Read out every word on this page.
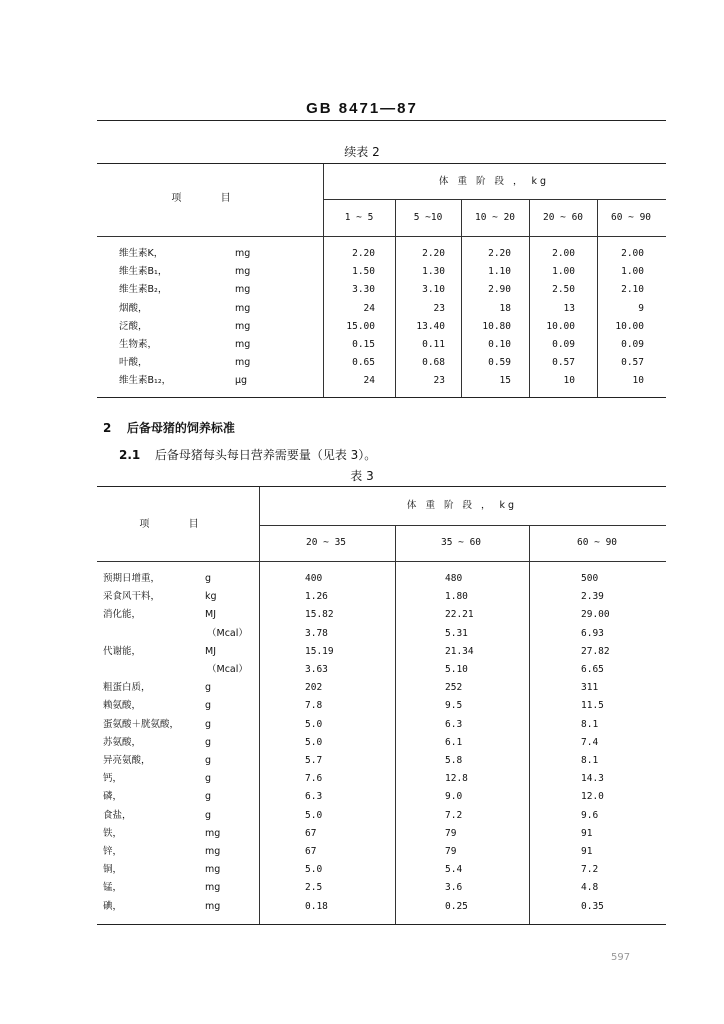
GB 8471—87
续表 2
项 目
体 重 阶 段 ， kg
1 ~ 5	5 ~10	10 ~ 20	20 ~ 60	60 ~ 90
维生素K，	mg	2.20	2.20	2.20	2.00	2.00
维生素B₁，	mg	1.50	1.30	1.10	1.00	1.00
维生素B₂，	mg	3.30	3.10	2.90	2.50	2.10
烟酸，	mg	24	23	18	13	9
泛酸，	mg	15.00	13.40	10.80	10.00	10.00
生物素，	mg	0.15	0.11	0.10	0.09	0.09
叶酸，	mg	0.65	0.68	0.59	0.57	0.57
维生素B₁₂，	μg	24	23	15	10	10
2 后备母猪的饲养标准
2.1 后备母猪每头每日营养需要量（见表 3）。
表 3
项 目
体 重 阶 段 ， kg
20 ~ 35	35 ~ 60	60 ~ 90
预期日增重，	g	400	480	500
采食风干料，	kg	1.26	1.80	2.39
消化能，	MJ	15.82	22.21	29.00
（Mcal）	3.78	5.31	6.93
代谢能，	MJ	15.19	21.34	27.82
（Mcal）	3.63	5.10	6.65
粗蛋白质，	g	202	252	311
赖氨酸，	g	7.8	9.5	11.5
蛋氨酸＋胱氨酸，	g	5.0	6.3	8.1
苏氨酸，	g	5.0	6.1	7.4
异亮氨酸，	g	5.7	5.8	8.1
钙，	g	7.6	12.8	14.3
磷，	g	6.3	9.0	12.0
食盐，	g	5.0	7.2	9.6
铁，	mg	67	79	91
锌，	mg	67	79	91
铜，	mg	5.0	5.4	7.2
锰，	mg	2.5	3.6	4.8
碘，	mg	0.18	0.25	0.35
597
